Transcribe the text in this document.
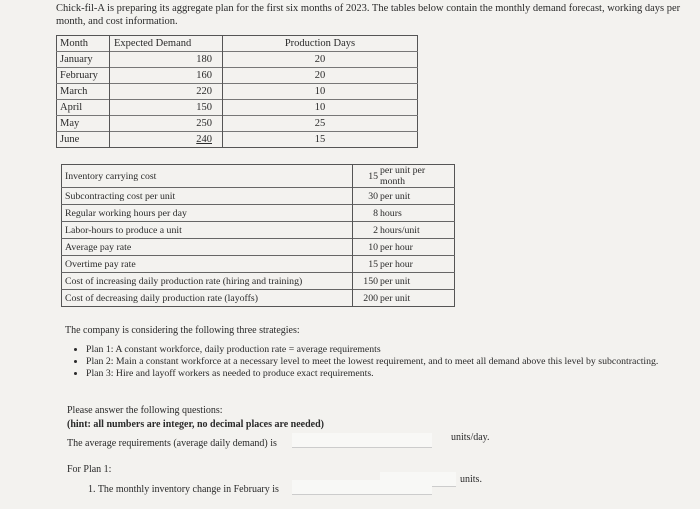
Chick-fil-A is preparing its aggregate plan for the first six months of 2023. The tables below contain the monthly demand forecast, working days per month, and cost information.
Month	Expected Demand	Production Days
January	180	20
February	160	20
March	220	10
April	150	10
May	250	25
June	240	15
Inventory carrying cost	15	per unit per month
Subcontracting cost per unit	30	per unit
Regular working hours per day	8	hours
Labor-hours to produce a unit	2	hours/unit
Average pay rate	10	per hour
Overtime pay rate	15	per hour
Cost of increasing daily production rate (hiring and training)	150	per unit
Cost of decreasing daily production rate (layoffs)	200	per unit
The company is considering the following three strategies:
• Plan 1: A constant workforce, daily production rate = average requirements
• Plan 2: Main a constant workforce at a necessary level to meet the lowest requirement, and to meet all demand above this level by subcontracting.
• Plan 3: Hire and layoff workers as needed to produce exact requirements.
Please answer the following questions:
(hint: all numbers are integer, no decimal places are needed)
The average requirements (average daily demand) is
units/day.
For Plan 1:
units.
1. The monthly inventory change in February is
